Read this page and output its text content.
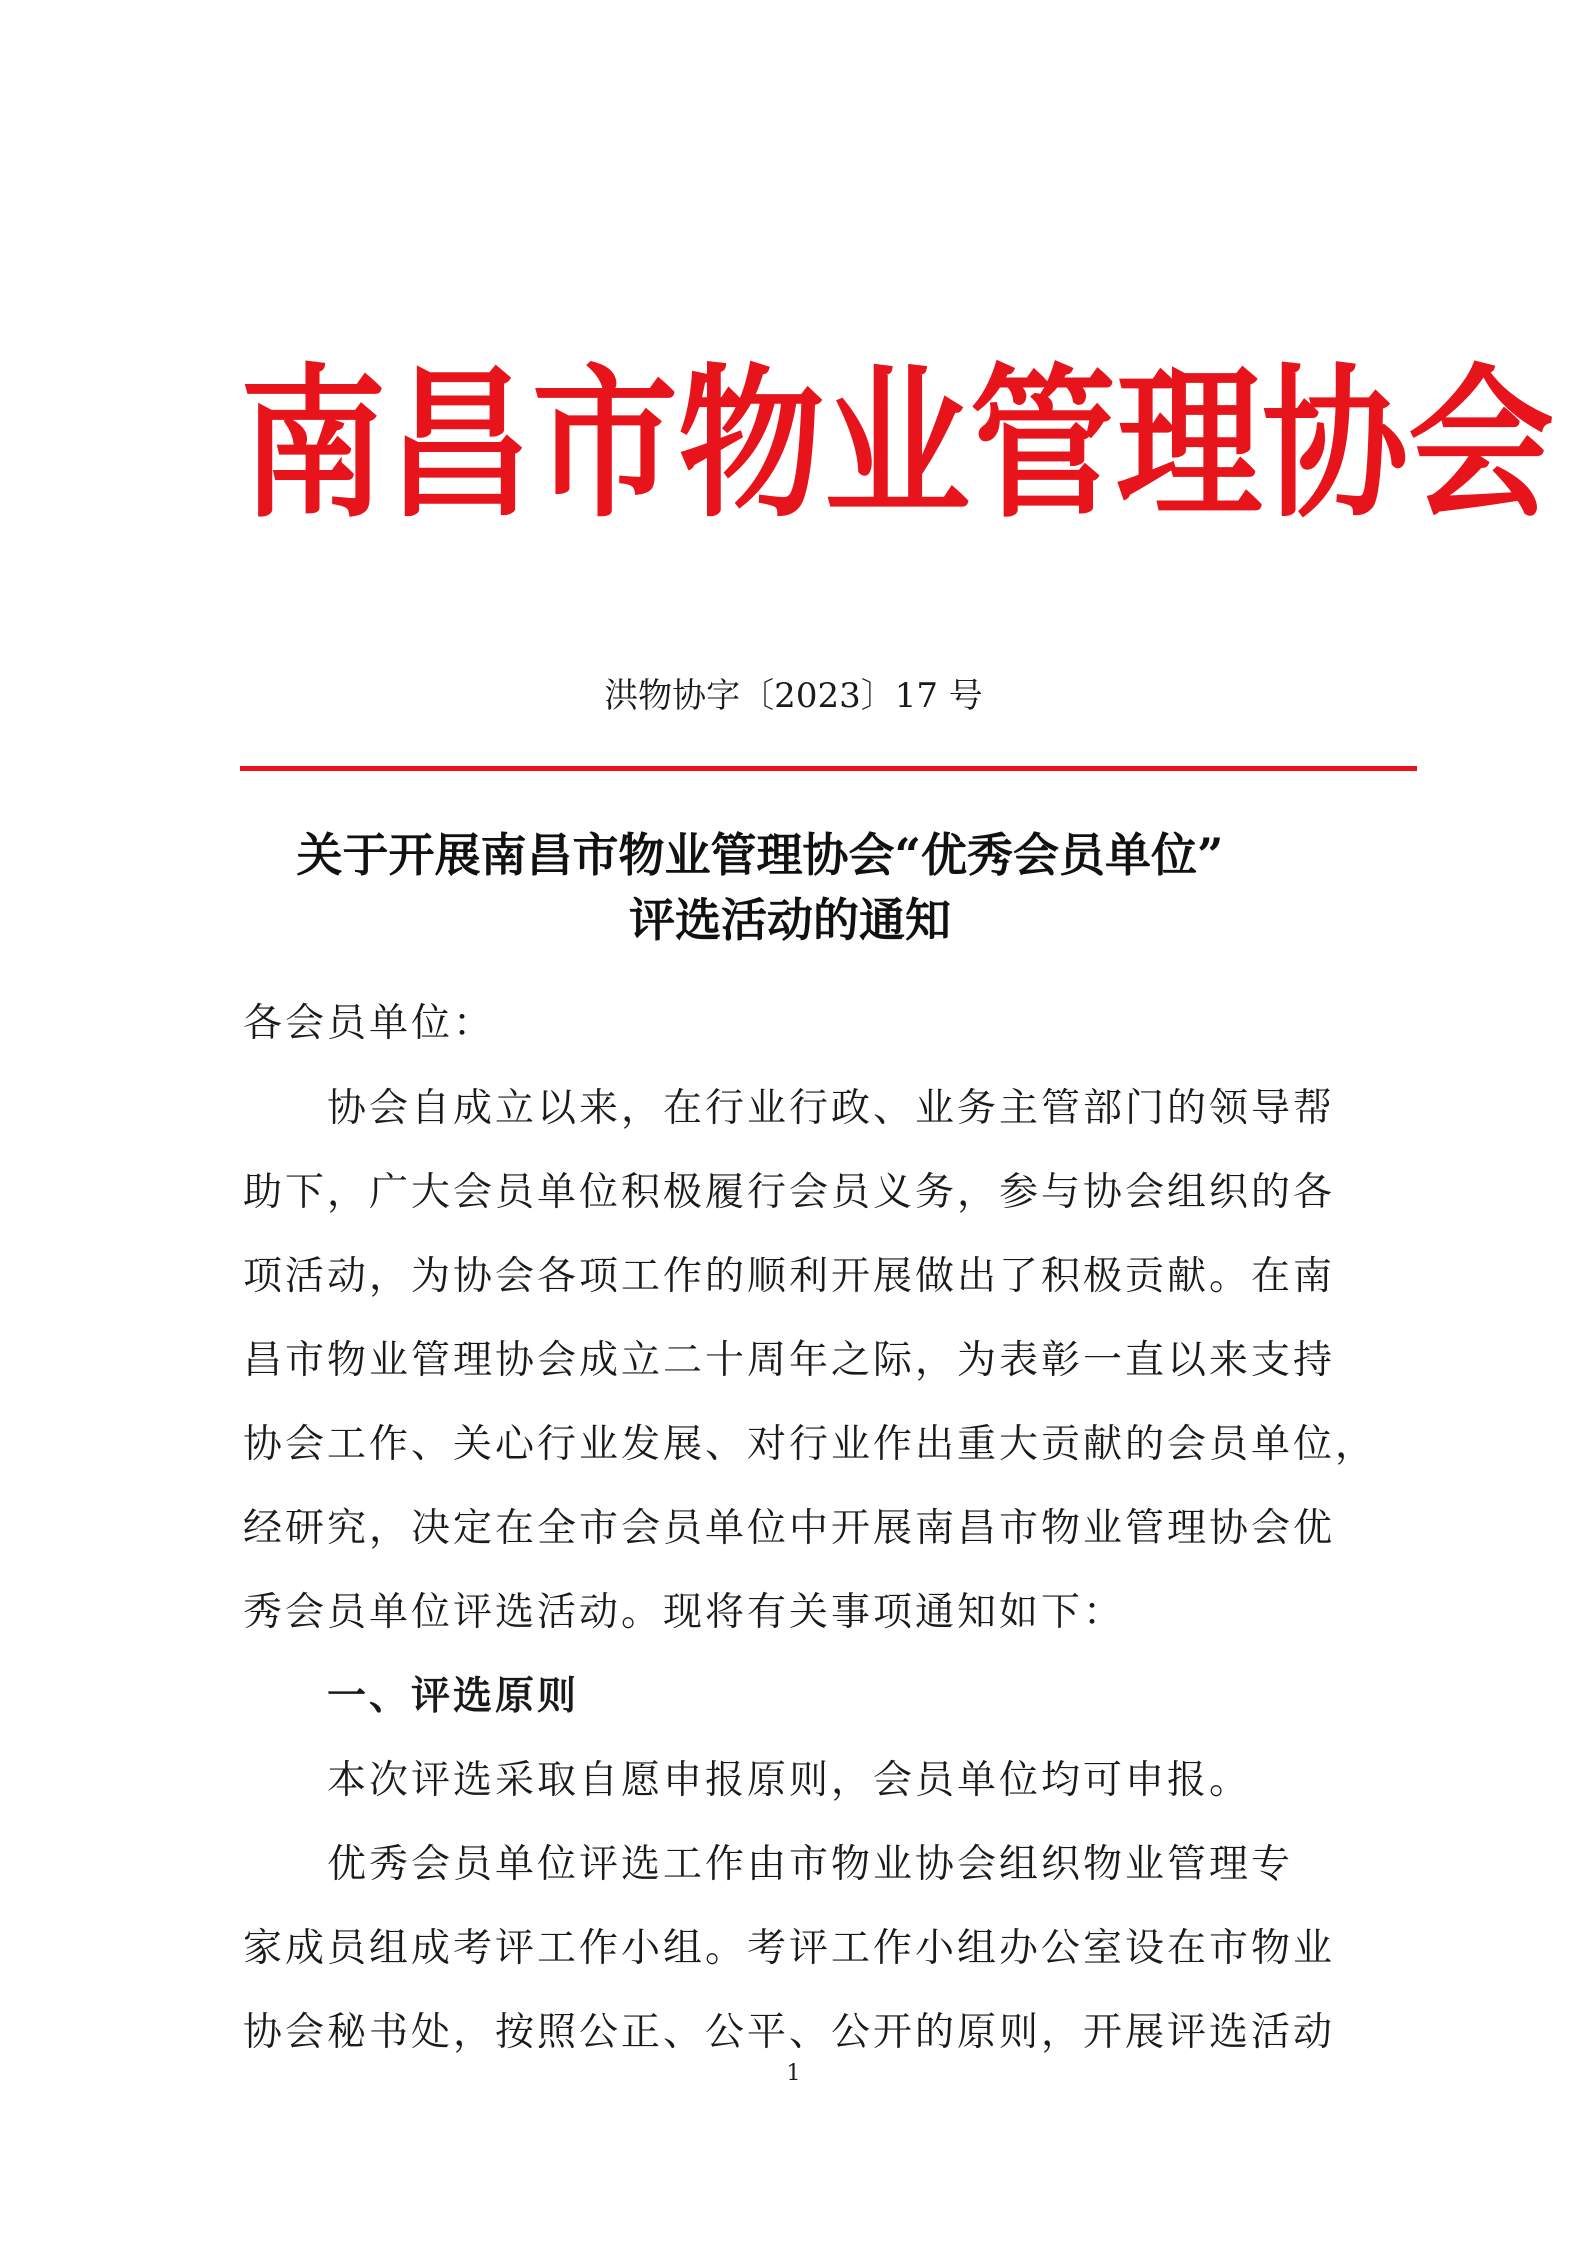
南 昌 市 物 业 管 理 协 会
洪物协字〔2023〕17 号
关于开展南昌市物业管理协会“优秀会员单位”
评选活动的通知
各会员单位：
　　协会自成立以来，在行业行政、业务主管部门的领导帮
助下，广大会员单位积极履行会员义务，参与协会组织的各
项活动，为协会各项工作的顺利开展做出了积极贡献。在南
昌市物业管理协会成立二十周年之际，为表彰一直以来支持
协会工作、关心行业发展、对行业作出重大贡献的会员单位，
经研究，决定在全市会员单位中开展南昌市物业管理协会优
秀会员单位评选活动。现将有关事项通知如下：
　　一、评选原则
　　本次评选采取自愿申报原则，会员单位均可申报。
　　优秀会员单位评选工作由市物业协会组织物业管理专
家成员组成考评工作小组。考评工作小组办公室设在市物业
协会秘书处，按照公正、公平、公开的原则，开展评选活动
1
